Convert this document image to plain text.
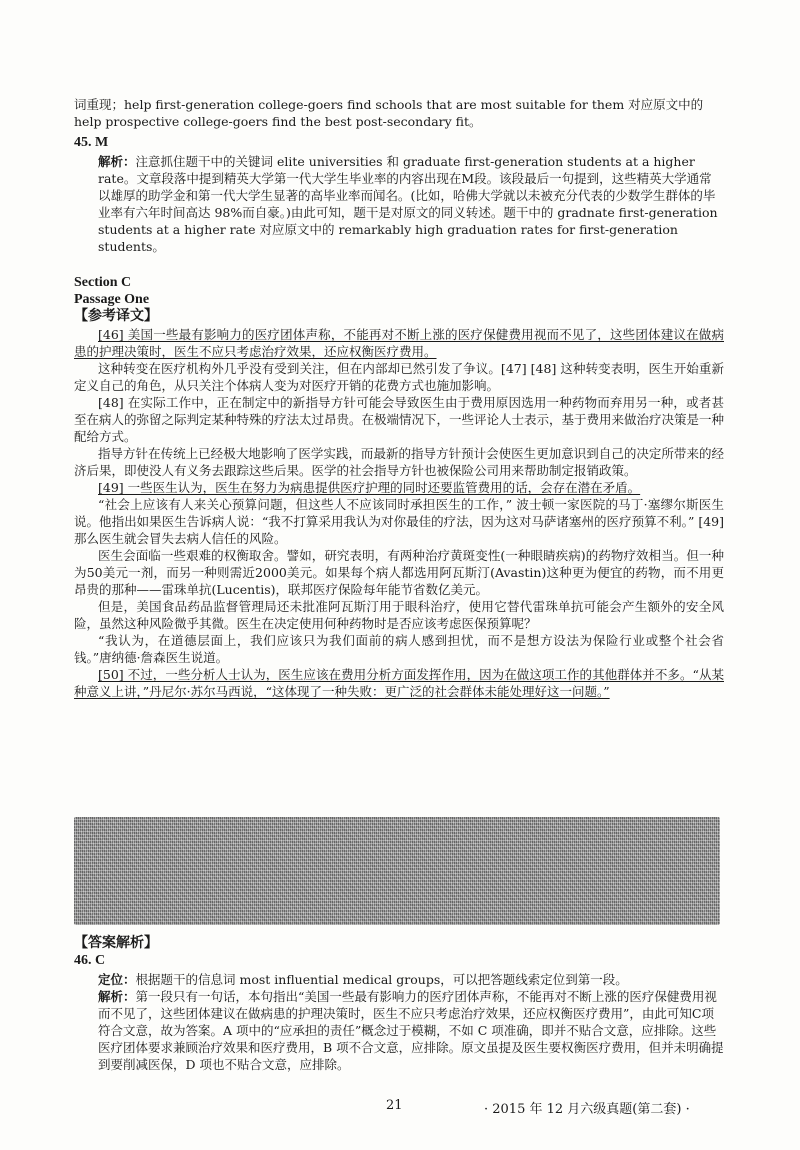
词重现；help first-generation college-goers find schools that are most suitable for them 对应原文中的 help prospective college-goers find the best post-secondary fit。
45. M
解析：注意抓住题干中的关键词 elite universities 和 graduate first-generation students at a higher rate。文章段落中提到精英大学第一代大学生毕业率的内容出现在M段。该段最后一句提到，这些精英大学通常以雄厚的助学金和第一代大学生显著的高毕业率而闻名。(比如，哈佛大学就以未被充分代表的少数学生群体的毕业率有六年时间高达 98%而自豪。)由此可知，题干是对原文的同义转述。题干中的 gradnate first-generation students at a higher rate 对应原文中的 remarkably high graduation rates for first-generation students。
Section C
Passage One
【参考译文】

[46] 美国一些最有影响力的医疗团体声称，不能再对不断上涨的医疗保健费用视而不见了，这些团体建议在做病患的护理决策时，医生不应只考虑治疗效果，还应权衡医疗费用。

这种转变在医疗机构外几乎没有受到关注，但在内部却已然引发了争议。[47] [48] 这种转变表明，医生开始重新定义自己的角色，从只关注个体病人变为对医疗开销的花费方式也施加影响。

[48] 在实际工作中，正在制定中的新指导方针可能会导致医生由于费用原因选用一种药物而弃用另一种，或者甚至在病人的弥留之际判定某种特殊的疗法太过昂贵。在极端情况下，一些评论人士表示，基于费用来做治疗决策是一种配给方式。

指导方针在传统上已经极大地影响了医学实践，而最新的指导方针预计会使医生更加意识到自己的决定所带来的经济后果，即使没人有义务去跟踪这些后果。医学的社会指导方针也被保险公司用来帮助制定报销政策。

[49] 一些医生认为，医生在努力为病患提供医疗护理的同时还要监管费用的话，会存在潜在矛盾。

“社会上应该有人来关心预算问题，但这些人不应该同时承担医生的工作，” 波士顿一家医院的马丁·塞缪尔斯医生说。他指出如果医生告诉病人说：“我不打算采用我认为对你最佳的疗法，因为这对马萨诸塞州的医疗预算不利。” [49] 那么医生就会冒失去病人信任的风险。

医生会面临一些艰难的权衡取舍。譬如，研究表明，有两种治疗黄斑变性(一种眼睛疾病)的药物疗效相当。但一种为50美元一剂，而另一种则需近2000美元。如果每个病人都选用阿瓦斯汀(Avastin)这种更为便宜的药物，而不用更昂贵的那种——雷珠单抗(Lucentis)，联邦医疗保险每年能节省数亿美元。

但是，美国食品药品监督管理局还未批准阿瓦斯汀用于眼科治疗，使用它替代雷珠单抗可能会产生额外的安全风险，虽然这种风险微乎其微。医生在决定使用何种药物时是否应该考虑医保预算呢？

“我认为，在道德层面上，我们应该只为我们面前的病人感到担忧，而不是想方设法为保险行业或整个社会省钱。”唐纳德·詹森医生说道。

[50] 不过，一些分析人士认为，医生应该在费用分析方面发挥作用，因为在做这项工作的其他群体并不多。“从某种意义上讲，”丹尼尔·苏尔马西说，“这体现了一种失败：更广泛的社会群体未能处理好这一问题。”

【答案解析】
46. C
定位：根据题干的信息词 most influential medical groups，可以把答题线索定位到第一段。
解析：第一段只有一句话，本句指出“美国一些最有影响力的医疗团体声称，不能再对不断上涨的医疗保健费用视而不见了，这些团体建议在做病患的护理决策时，医生不应只考虑治疗效果，还应权衡医疗费用”，由此可知C项符合文意，故为答案。A 项中的“应承担的责任”概念过于模糊，不如 C 项准确，即并不贴合文意，应排除。这些医疗团体要求兼顾治疗效果和医疗费用，B 项不合文意，应排除。原文虽提及医生要权衡医疗费用，但并未明确提到要削减医保，D 项也不贴合文意，应排除。
21	· 2015 年 12 月六级真题(第二套) ·
